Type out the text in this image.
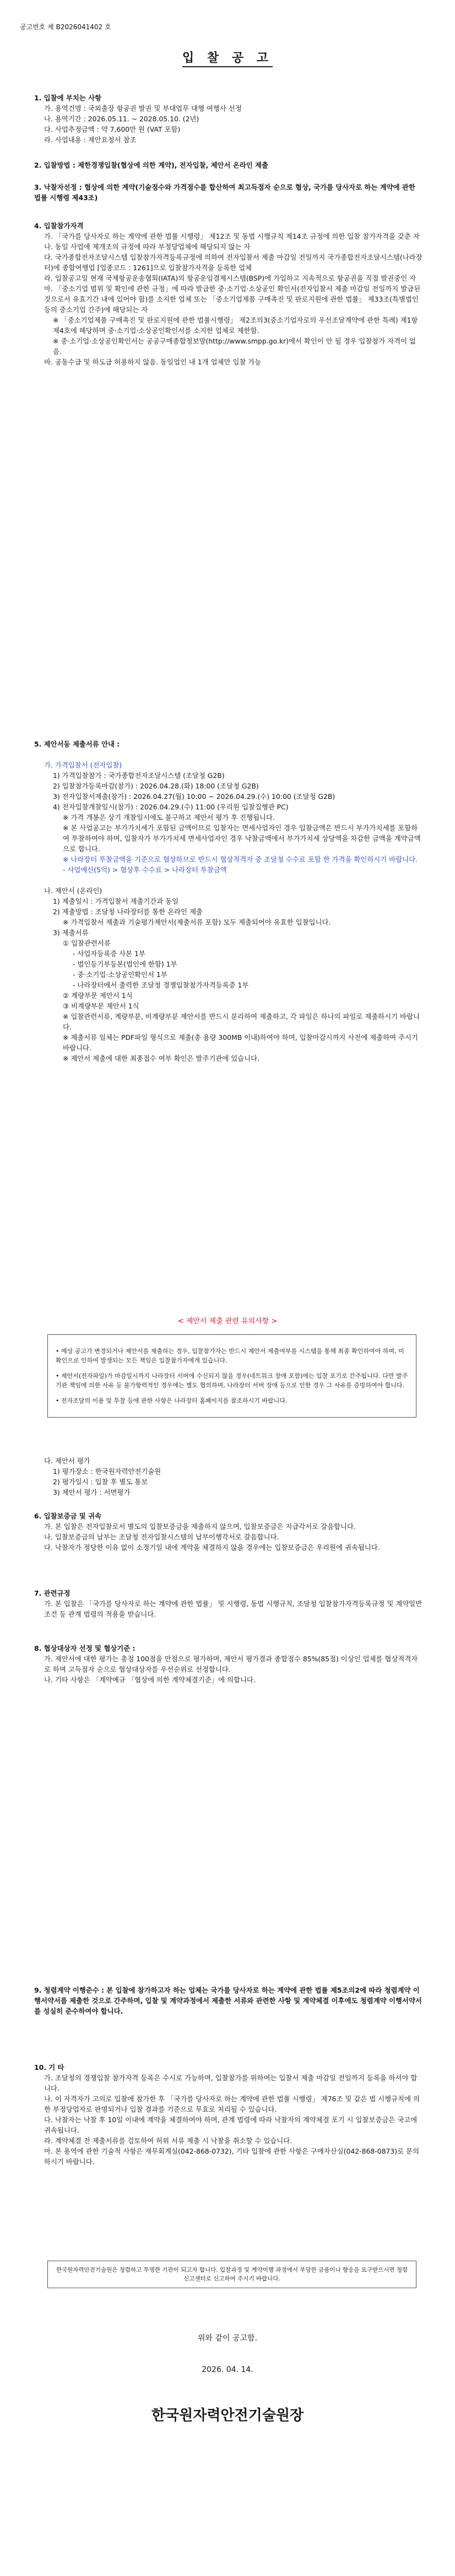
공고번호 제 B2026041402 호
입 찰 공 고

1. 입찰에 부치는 사항

가. 용역건명 : 국외출장 항공권 발권 및 부대업무 대행 여행사 선정

나. 용역기간 : 2026.05.11. ~ 2028.05.10. (2년)

다. 사업추정금액 : 약 7,600만 원 (VAT 포함)

라. 사업내용 : 제안요청서 참조

2. 입찰방법 : 제한경쟁입찰(협상에 의한 계약), 전자입찰, 제안서 온라인 제출

3. 낙찰자선정 : 협상에 의한 계약(기술점수와 가격점수를 합산하여 최고득점자 순으로 협상, 국가를 당사자로 하는 계약에 관한 법률 시행령 제43조)

4. 입찰참가자격

가. 「국가를 당사자로 하는 계약에 관한 법률 시행령」 제12조 및 동법 시행규칙 제14조 규정에 의한 입찰 참가자격을 갖춘 자

나. 동일 사업에 제개조의 규정에 따라 부정당업체에 해당되지 않는 자

다. 국가종합전자조달시스템 입찰참가자격등록규정에 의하여 전자입찰서 제출 마감일 전일까지 국가종합전자조달시스템(나라장터)에 종합여행업 [업종코드 : 1261]으로 입찰참가자격을 등록한 업체

라. 입찰공고일 현재 국제항공운송협회(IATA)의 항공운임결제시스템(BSP)에 가입하고 지속적으로 항공권을 직접 발권중인 자

마. 「중소기업 범위 및 확인에 관한 규정」에 따라 발급한 중·소기업·소상공인 확인서(전자입찰서 제출 마감일 전일까지 발급된 것으로서 유효기간 내에 있어야 함)를 소지한 업체 또는 「중소기업제품 구매촉진 및 판로지원에 관한 법률」 제33조(특별법인 등의 중소기업 간주)에 해당되는 자

※ 「중소기업제품 구매촉진 및 판로지원에 관한 법률시행령」 제2조의3(중소기업자로의 우선조달계약에 관한 특례) 제1항 제4호에 해당하며 중·소기업·소상공인확인서를 소지한 업체로 제한함.

※ 중·소기업·소상공인확인서는 공공구매종합정보망(http://www.smpp.go.kr)에서 확인이 안 될 경우 입찰참가 자격이 없음.

바. 공동수급 및 하도급 허용하지 않음. 동일업인 내 1개 업체만 입찰 가능

5. 제안서등 제출서류 안내 :

가. 가격입찰서 (전자입찰)

1) 가격입찰참가 : 국가종합전자조달시스템 (조달청 G2B)

2) 입찰참가등록마감(참가) : 2026.04.28.(화) 18:00 (조달청 G2B)

3) 전자입찰서제출(참가) : 2026.04.27(월) 10:00 ~ 2026.04.29.(수) 10:00 (조달청 G2B)

4) 전자입찰개찰일시(참가) : 2026.04.29.(수) 11:00 (우리원 입찰집행관 PC)

※ 가격 개봉은 상기 개찰일시에도 불구하고 제안서 평가 후 진행됩니다.

※ 본 사업공고는 부가가치세가 포함된 금액이므로 입찰자는 면세사업자인 경우 입찰금액은 반드시 부가가치세를 포함하여 투찰하여야 하며, 입찰자가 부가가치세 면세사업자인 경우 낙찰금액에서 부가가치세 상당액을 차감한 금액을 계약금액으로 합니다.

※ 나라장터 투찰금액을 기준으로 협상하므로 반드시 협상적격자 중 조달청 수수료 포함 한 가격을 확인하시기 바랍니다.

- 사업예산(5억) > 협상후 수수료 > 나라장터 투찰금액

나. 제안서 (온라인)

1) 제출일시 : 가격입찰서 제출기간과 동일

2) 제출방법 : 조달청 나라장터를 통한 온라인 제출

※ 가격입찰서 제출과 기술평가제안서(제출서류 포함) 모두 제출되어야 유효한 입찰입니다.

3) 제출서류

① 입찰관련서류

- 사업자등록증 사본 1부

- 법인등기부등본(법인에 한함) 1부

- 중·소기업·소상공인확인서 1부

- 나라장터에서 출력한 조달청 경쟁입찰참가자격등록증 1부

② 계량부문 제안서 1식

③ 비계량부문 제안서 1식

※ 입찰관련서류, 계량부분, 비계량부분 제안서를 반드시 분리하여 제출하고, 각 파일은 하나의 파일로 제출하시기 바랍니다.

※ 제출서류 일체는 PDF파일 형식으로 제출(총 용량 300MB 이내)하여야 하며, 입찰마감시까지 사전에 제출하여 주시기 바랍니다.

※ 제안서 제출에 대한 최종접수 여부 확인은 발주기관에 있습니다.

< 제안서 제출 관련 유의사항 >

• 예상 공고가 변경되거나 제안서를 제출하는 경우, 입찰참가자는 반드시 제안서 제출여부를 시스템을 통해 최종 확인하여야 하며, 미확인으로 인하여 발생되는 모든 책임은 입찰참가자에게 있습니다.

• 제안서(전자파일)가 마감일시까지 나라장터 서버에 수신되지 않을 경우(네트워크 장애 포함)에는 입찰 포기로 간주됩니다. 다만 발주기관 책임에 의한 사유 등 불가항력적인 경우에는 별도 협의하며, 나라장터 서버 장애 등으로 인한 경우 그 사유를 증빙하여야 합니다.

• 전자조달의 이용 및 투찰 등에 관한 사항은 나라장터 홈페이지를 참조하시기 바랍니다.

다. 제안서 평가

1) 평가장소 : 한국원자력안전기술원

2) 평가일시 : 입찰 후 별도 통보

3) 제안서 평가 : 서면평가

6. 입찰보증금 및 귀속

가. 본 입찰은 전자입찰로서 별도의 입찰보증금을 제출하지 않으며, 입찰보증금은 지급각서로 갈음합니다.

나. 입찰보증금의 납부는 조달청 전자입찰시스템의 납부이행각서로 갈음합니다.

다. 낙찰자가 정당한 이유 없이 소정기일 내에 계약을 체결하지 않을 경우에는 입찰보증금은 우리원에 귀속됩니다.

7. 관련규정

가. 본 입찰은 「국가를 당사자로 하는 계약에 관한 법률」 및 시행령, 동법 시행규칙, 조달청 입찰참가자격등록규정 및 계약일반조건 등 관계 법령의 적용을 받습니다.

8. 협상대상자 선정 및 협상기준 :

가. 제안서에 대한 평가는 총점 100점을 만점으로 평가하며, 제안서 평가결과 종합점수 85%(85점) 이상인 업체를 협상적격자로 하며 고득점자 순으로 협상대상자를 우선순위로 선정합니다.

나. 기타 사항은 「계약예규 「협상에 의한 계약체결기준」에 의합니다.

9. 청렴계약 이행준수 : 본 입찰에 참가하고자 하는 업체는 국가를 당사자로 하는 계약에 관한 법률 제5조의2에 따라 청렴계약 이행서약서를 제출한 것으로 간주하며, 입찰 및 계약과정에서 제출한 서류와 관련한 사항 및 계약체결 이후에도 청렴계약 이행서약서를 성실히 준수하여야 합니다.

10. 기 타

가. 조달청의 경쟁입찰 참가자격 등록은 수시로 가능하며, 입찰참가를 위하여는 입찰서 제출 마감일 전일까지 등록을 하셔야 합니다.

나. 이 자격자가 고의로 입찰에 참가한 후 「국가를 당사자로 하는 계약에 관한 법률 시행령」 제76조 및 같은 법 시행규칙에 의한 부정당업자로 판명되거나 입찰 결과를 기준으로 무효로 처리될 수 있습니다.

다. 낙찰자는 낙찰 후 10일 이내에 계약을 체결하여야 하며, 관계 법령에 따라 낙찰자의 계약체결 포기 시 입찰보증금은 국고에 귀속됩니다.

라. 계약체결 전 제출서류를 검토하여 허위 서류 제출 시 낙찰을 취소할 수 있습니다.

마. 본 용역에 관한 기술적 사항은 재무회계실(042-868-0732), 기타 입찰에 관한 사항은 구매자산실(042-868-0873)로 문의하시기 바랍니다.

한국원자력안전기술원은 청렴하고 투명한 기관이 되고자 합니다. 입찰과정 및 계약이행 과정에서 부당한 금품이나 향응을 요구받으시면 청렴신고센터로 신고하여 주시기 바랍니다.
위와 같이 공고함.
2026. 04. 14.
한국원자력안전기술원장
